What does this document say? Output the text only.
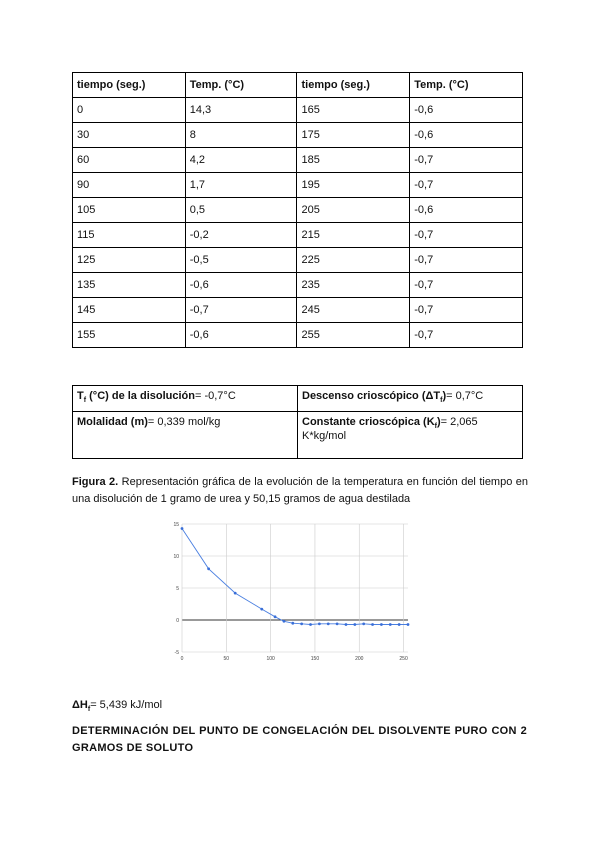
tiempo (seg.)	Temp. (°C)	tiempo (seg.)	Temp. (°C)
0	14,3	165	-0,6
30	8	175	-0,6
60	4,2	185	-0,7
90	1,7	195	-0,7
105	0,5	205	-0,6
115	-0,2	215	-0,7
125	-0,5	225	-0,7
135	-0,6	235	-0,7
145	-0,7	245	-0,7
155	-0,6	255	-0,7
$T_f$ (°C) de la disolución= -0,7°C	Descenso crioscópico $(\Delta T_f)= 0,7^\circ C$
Molalidad (m)= 0,339 mol/kg	Constante crioscópica $(K_f)= 2,065$ K*kg/mol
Figura 2. Representación gráfica de la evolución de la temperatura en función del tiempo en una disolución de 1 gramo de urea y 50,15 gramos de agua destilada
-5
0
5
10
15
0	50	100	150	200	250
$\Delta H_f= 5,439$ kJ/mol
DETERMINACIÓN DEL PUNTO DE CONGELACIÓN DEL DISOLVENTE PURO CON 2 GRAMOS DE SOLUTO
